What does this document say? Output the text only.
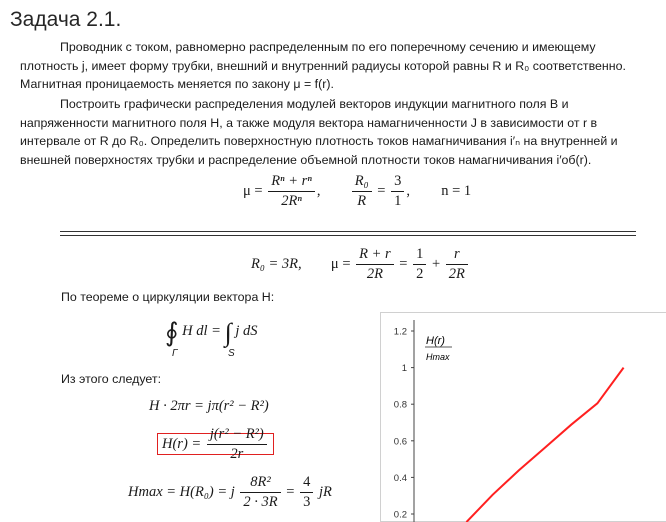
Задача 2.1.
Проводник с током, равномерно распределенным по его поперечному сечению и имеющему плотность j, имеет форму трубки, внешний и внутренний радиусы которой равны R и R₀ соответственно. Магнитная проницаемость меняется по закону μ = f(r).
Построить графически распределения модулей векторов индукции магнитного поля B и напряженности магнитного поля H, а также модуля вектора намагниченности J в зависимости от r в интервале от R до R₀. Определить поверхностную плотность токов намагничивания i′ₙ на внутренней и внешней поверхностях трубки и распределение объемной плотности токов намагничивания i′об(r).
$\mu = \frac{\text{Rⁿ + rⁿ}}{\text{2Rⁿ}}$ , $\frac{\text{R₀}}{R} = \frac{3}{1}$ ,  n = 1
R₀ = 3R, $\mu = \frac{R + r}{2R} = \frac{1}{2} + \frac{r}{2R}$
По теореме о циркуляции вектора H:
∮ H dl = ∫ j dS
Γ	S
Из этого следует:
H · 2πr = jπ(r² − R²)
$H(r) = \frac{\text{j(r² − R²)}}{2r}$
Hmax = H(R₀) = j $\frac{\text{8R²}}{2 \cdot 3R} = \frac{4}{3}$ jR
1.2
1
0.8
0.6
0.4
0.2
H(r)
Hmax
